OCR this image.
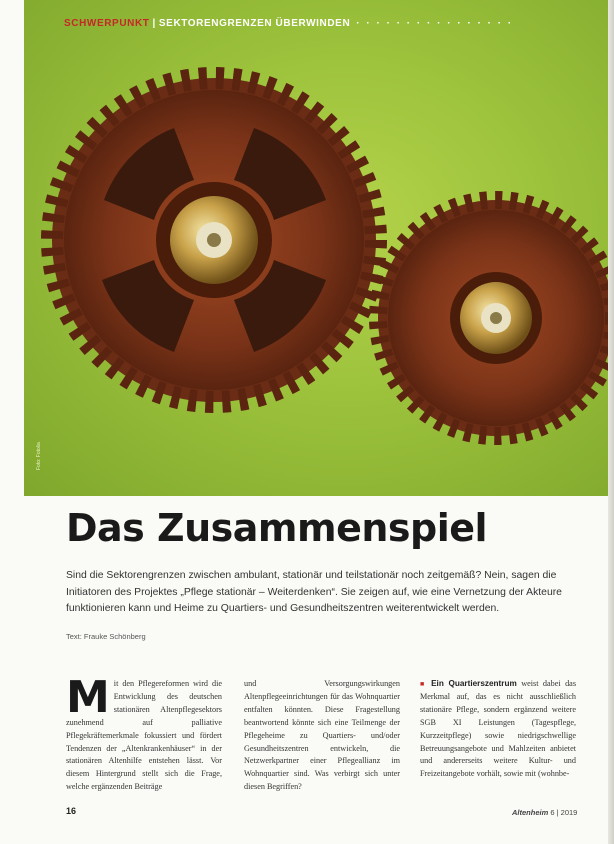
SCHWERPUNKT | SEKTORENGRENZEN ÜBERWINDEN · · · · · · · · · · · · · · · ·
Foto: Fotolia
Das Zusammenspiel
Sind die Sektorengrenzen zwischen ambulant, stationär und teilstationär noch zeitgemäß? Nein, sagen die Initiatoren des Projektes „Pflege stationär – Weiterdenken“. Sie zeigen auf, wie eine Vernetzung der Akteure funktionieren kann und Heime zu Quartiers- und Gesundheitszentren weiterentwickelt werden.
Text: Frauke Schönberg
Mit den Pflegereformen wird die Entwicklung des deutschen stationären Altenpflegesektors zunehmend auf palliative Pflegekräftemerkmale fokussiert und fördert Tendenzen der „Altenkrankenhäuser“ in der stationären Altenhilfe entstehen lässt. Vor diesem Hintergrund stellt sich die Frage, welche ergänzenden Beiträge
und Versorgungswirkungen Altenpflegeeinrichtungen für das Wohnquartier entfalten könnten. Diese Fragestellung beantwortend könnte sich eine Teilmenge der Pflegeheime zu Quartiers- und/oder Gesundheitszentren entwickeln, die Netzwerkpartner einer Pflegeallianz im Wohnquartier sind. Was verbirgt sich unter diesen Begriffen?
■ Ein Quartierszentrum weist dabei das Merkmal auf, das es nicht ausschließlich stationäre Pflege, sondern ergänzend weitere SGB XI Leistungen (Tagespflege, Kurzzeitpflege) sowie niedrigschwellige Betreuungsangebote und Mahlzeiten anbietet und andererseits weitere Kultur- und Freizeitangebote vorhält, sowie mit (wohnbe-
16	Altenheim 6 | 2019
